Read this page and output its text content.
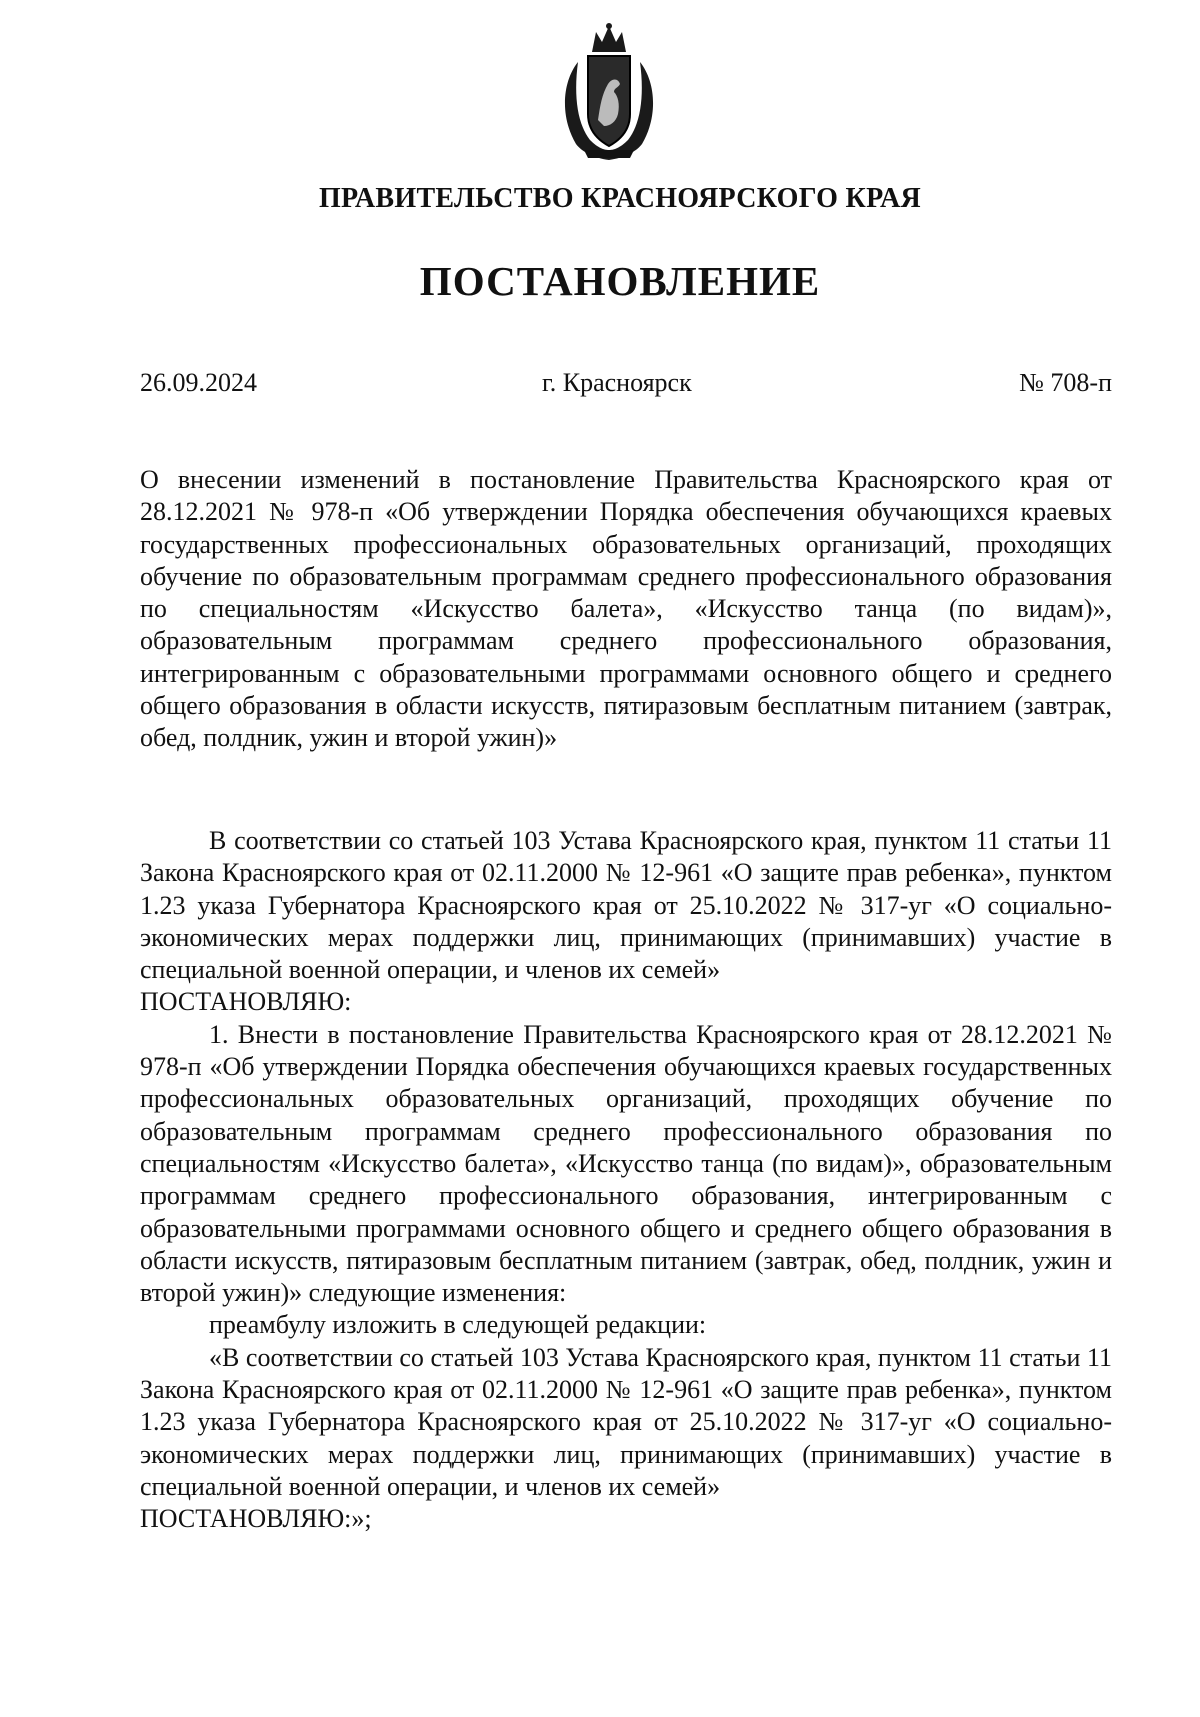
ПРАВИТЕЛЬСТВО КРАСНОЯРСКОГО КРАЯ
ПОСТАНОВЛЕНИЕ
26.09.2024	г. Красноярск	№ 708-п
О внесении изменений в постановление Правительства Красноярского края от 28.12.2021 № 978-п «Об утверждении Порядка обеспечения обучающихся краевых государственных профессиональных образовательных организаций, проходящих обучение по образовательным программам среднего профессионального образования по специальностям «Искусство балета», «Искусство танца (по видам)», образовательным программам среднего профессионального образования, интегрированным с образовательными программами основного общего и среднего общего образования в области искусств, пятиразовым бесплатным питанием (завтрак, обед, полдник, ужин и второй ужин)»

В соответствии со статьей 103 Устава Красноярского края, пунктом 11 статьи 11 Закона Красноярского края от 02.11.2000 № 12-961 «О защите прав ребенка», пунктом 1.23 указа Губернатора Красноярского края от 25.10.2022 № 317-уг «О социально-экономических мерах поддержки лиц, принимающих (принимавших) участие в специальной военной операции, и членов их семей»

ПОСТАНОВЛЯЮ:

1. Внести в постановление Правительства Красноярского края от 28.12.2021 № 978-п «Об утверждении Порядка обеспечения обучающихся краевых государственных профессиональных образовательных организаций, проходящих обучение по образовательным программам среднего профессионального образования по специальностям «Искусство балета», «Искусство танца (по видам)», образовательным программам среднего профессионального образования, интегрированным с образовательными программами основного общего и среднего общего образования в области искусств, пятиразовым бесплатным питанием (завтрак, обед, полдник, ужин и второй ужин)» следующие изменения:

преамбулу изложить в следующей редакции:

«В соответствии со статьей 103 Устава Красноярского края, пунктом 11 статьи 11 Закона Красноярского края от 02.11.2000 № 12-961 «О защите прав ребенка», пунктом 1.23 указа Губернатора Красноярского края от 25.10.2022 № 317-уг «О социально-экономических мерах поддержки лиц, принимающих (принимавших) участие в специальной военной операции, и членов их семей»

ПОСТАНОВЛЯЮ:»;
